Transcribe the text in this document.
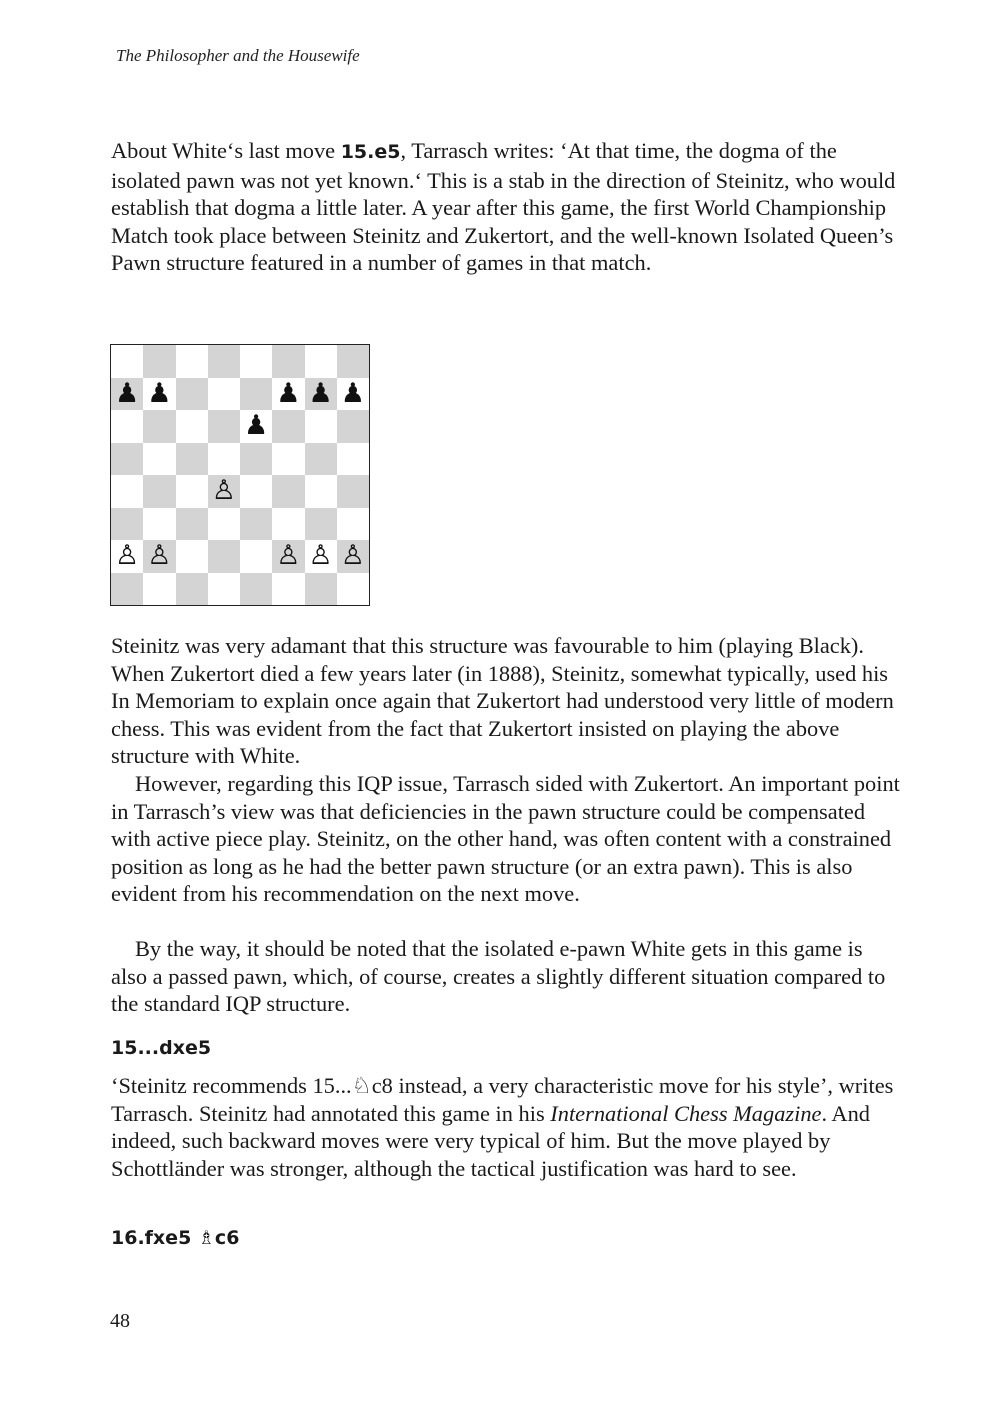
The Philosopher and the Housewife

About White‘s last move 15.e5, Tarrasch writes: ‘At that time, the dogma of the isolated pawn was not yet known.‘ This is a stab in the direction of Steinitz, who would establish that dogma a little later. A year after this game, the first World Championship Match took place between Steinitz and Zukertort, and the well-known Isolated Queen’s Pawn structure featured in a number of games in that match.

♟ ♟	♟ ♟ ♟
♟
♙
♙ ♙	♙ ♙ ♙

Steinitz was very adamant that this structure was favourable to him (playing Black). When Zukertort died a few years later (in 1888), Steinitz, somewhat typically, used his In Memoriam to explain once again that Zukertort had understood very little of modern chess. This was evident from the fact that Zukertort insisted on playing the above structure with White.

However, regarding this IQP issue, Tarrasch sided with Zukertort. An important point in Tarrasch’s view was that deficiencies in the pawn structure could be compensated with active piece play. Steinitz, on the other hand, was often content with a constrained position as long as he had the better pawn structure (or an extra pawn). This is also evident from his recommendation on the next move.

By the way, it should be noted that the isolated e-pawn White gets in this game is also a passed pawn, which, of course, creates a slightly different situation compared to the standard IQP structure.

15...dxe5

‘Steinitz recommends 15...♘c8 instead, a very characteristic move for his style’, writes Tarrasch. Steinitz had annotated this game in his International Chess Magazine. And indeed, such backward moves were very typical of him. But the move played by Schottländer was stronger, although the tactical justification was hard to see.

16.fxe5 ♗c6
48
